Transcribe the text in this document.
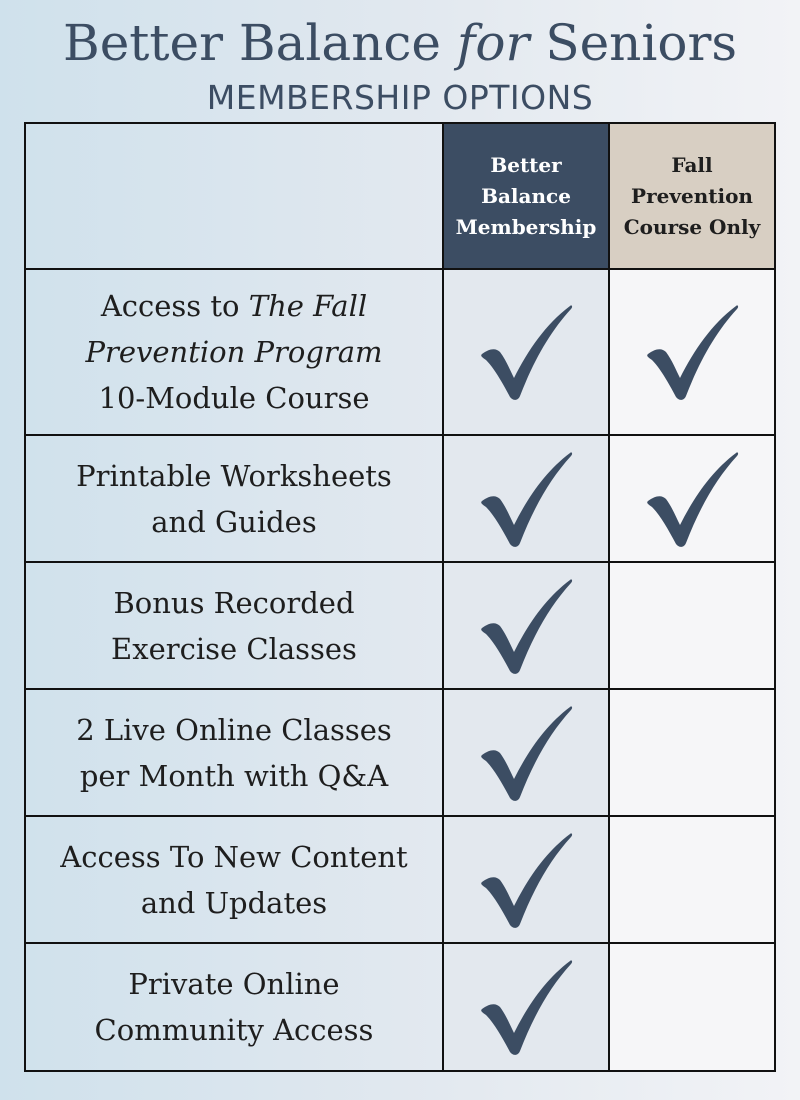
Better Balance for Seniors
MEMBERSHIP OPTIONS
Better
Balance
Membership
Fall
Prevention
Course Only
Access to The Fall
Prevention Program
10-Module Course
Printable Worksheets
and Guides
Bonus Recorded
Exercise Classes
2 Live Online Classes
per Month with Q&A
Access To New Content
and Updates
Private Online
Community Access
